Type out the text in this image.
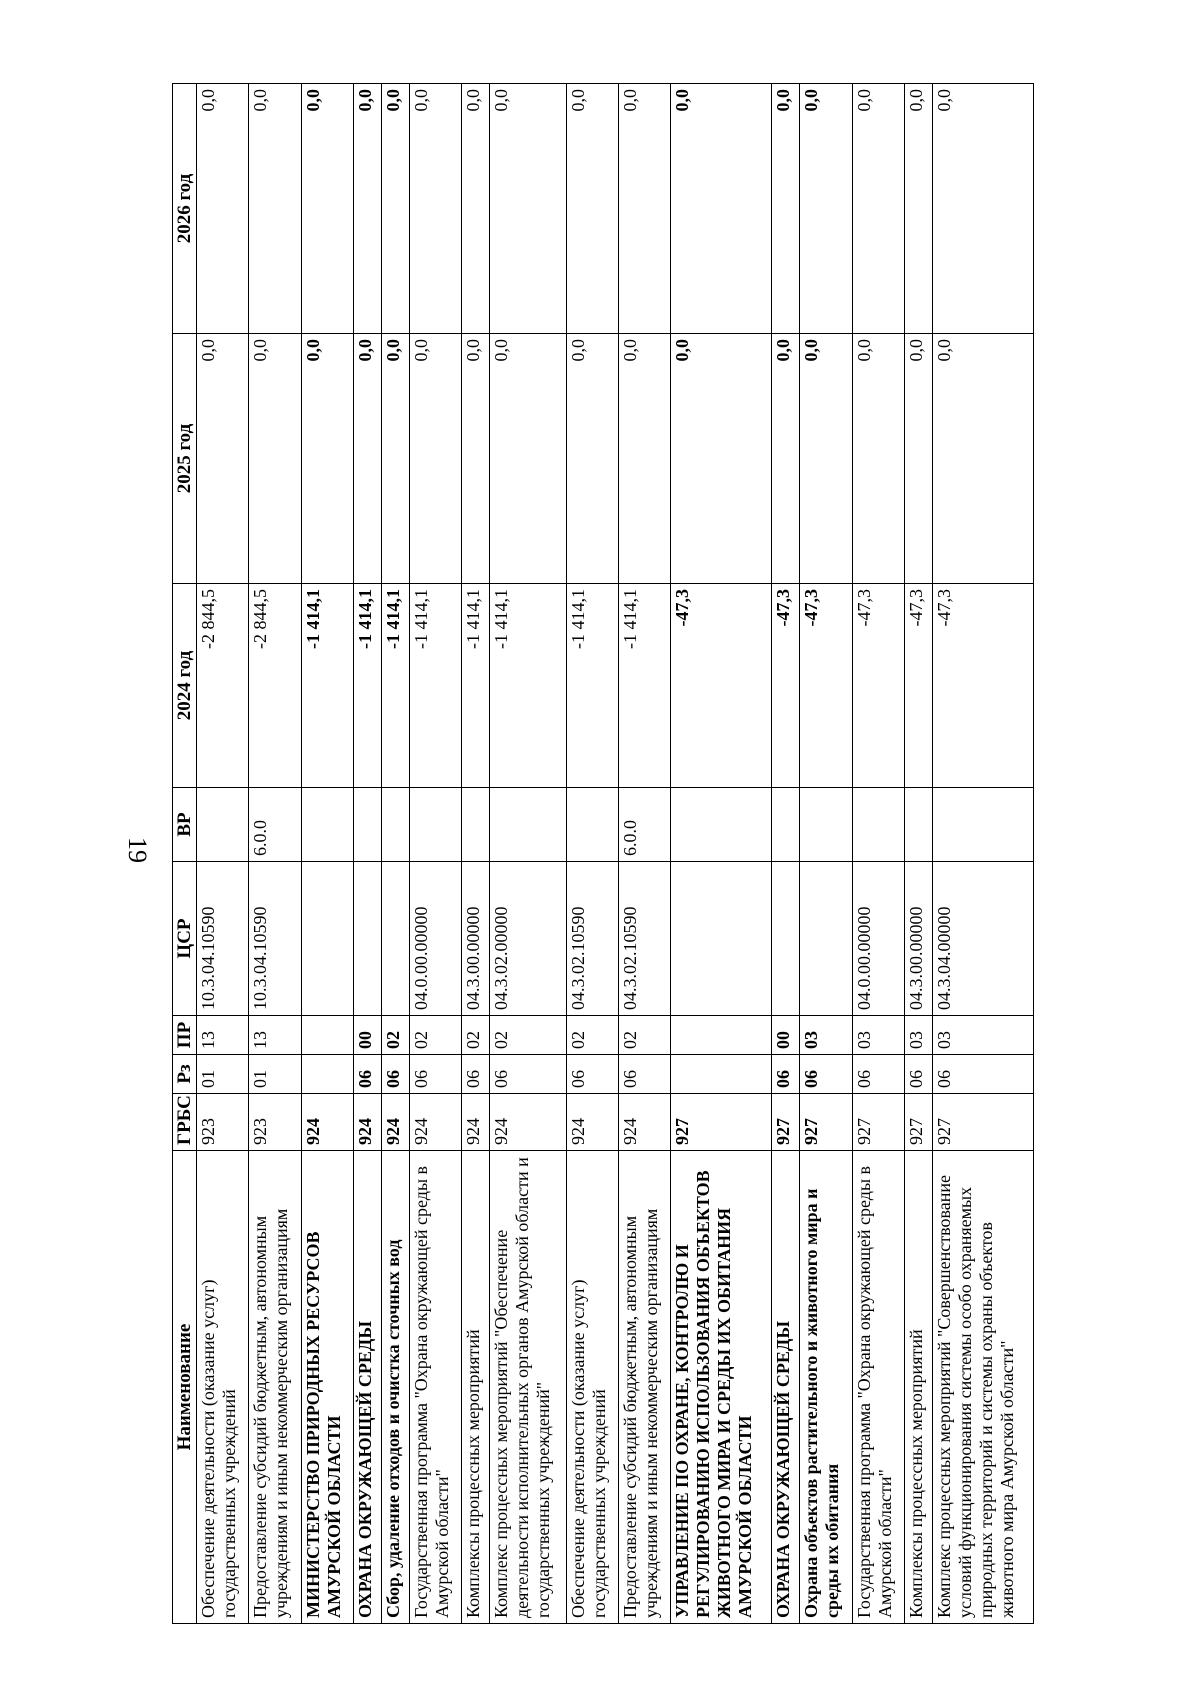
19
Наименование	ГРБС	Рз	ПР	ЦСР	ВР	2024 год	2025 год	2026 год
Обеспечение деятельности (оказание услуг) государственных учреждений	923	01	13	10.3.04.10590		-2 844,5	0,0	0,0
Предоставление субсидий бюджетным, автономным учреждениям и иным некоммерческим организациям	923	01	13	10.3.04.10590	6.0.0	-2 844,5	0,0	0,0
МИНИСТЕРСТВО ПРИРОДНЫХ РЕСУРСОВ АМУРСКОЙ ОБЛАСТИ	924					-1 414,1	0,0	0,0
ОХРАНА ОКРУЖАЮЩЕЙ СРЕДЫ	924	06	00			-1 414,1	0,0	0,0
Сбор, удаление отходов и очистка сточных вод	924	06	02			-1 414,1	0,0	0,0
Государственная программа "Охрана окружающей среды в Амурской области"	924	06	02	04.0.00.00000		-1 414,1	0,0	0,0
Комплексы процессных мероприятий	924	06	02	04.3.00.00000		-1 414,1	0,0	0,0
Комплекс процессных мероприятий "Обеспечение деятельности исполнительных органов Амурской области и государственных учреждений"	924	06	02	04.3.02.00000		-1 414,1	0,0	0,0
Обеспечение деятельности (оказание услуг) государственных учреждений	924	06	02	04.3.02.10590		-1 414,1	0,0	0,0
Предоставление субсидий бюджетным, автономным учреждениям и иным некоммерческим организациям	924	06	02	04.3.02.10590	6.0.0	-1 414,1	0,0	0,0
УПРАВЛЕНИЕ ПО ОХРАНЕ, КОНТРОЛЮ И РЕГУЛИРОВАНИЮ ИСПОЛЬЗОВАНИЯ ОБЪЕКТОВ ЖИВОТНОГО МИРА И СРЕДЫ ИХ ОБИТАНИЯ АМУРСКОЙ ОБЛАСТИ	927					-47,3	0,0	0,0
ОХРАНА ОКРУЖАЮЩЕЙ СРЕДЫ	927	06	00			-47,3	0,0	0,0
Охрана объектов растительного и животного мира и среды их обитания	927	06	03			-47,3	0,0	0,0
Государственная программа "Охрана окружающей среды в Амурской области"	927	06	03	04.0.00.00000		-47,3	0,0	0,0
Комплексы процессных мероприятий	927	06	03	04.3.00.00000		-47,3	0,0	0,0
Комплекс процессных мероприятий "Совершенствование условий функционирования системы особо охраняемых природных территорий и системы охраны объектов животного мира Амурской области"	927	06	03	04.3.04.00000		-47,3	0,0	0,0
